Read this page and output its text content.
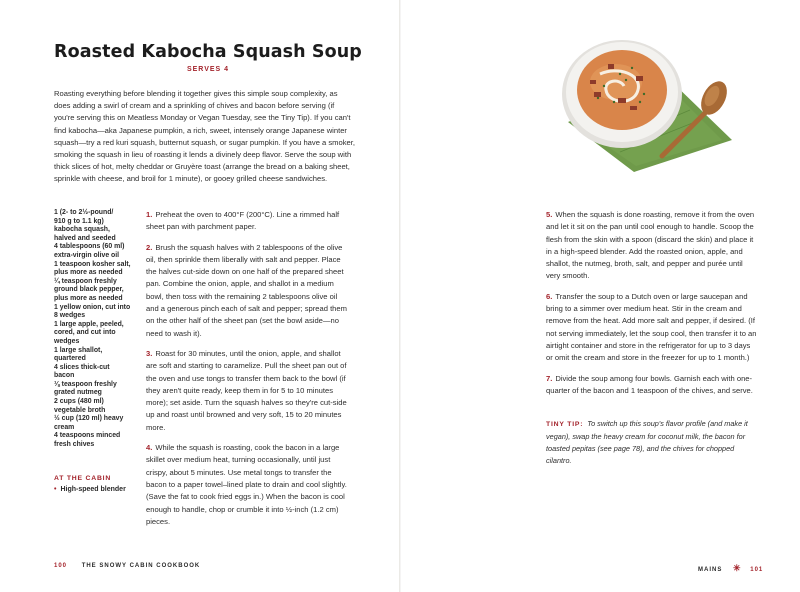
Roasted Kabocha Squash Soup
SERVES 4

Roasting everything before blending it together gives this simple soup complexity, as does adding a swirl of cream and a sprinkling of chives and bacon before serving (if you're serving this on Meatless Monday or Vegan Tuesday, see the Tiny Tip). If you can't find kabocha—aka Japanese pumpkin, a rich, sweet, intensely orange Japanese winter squash—try a red kuri squash, butternut squash, or sugar pumpkin. If you have a smoker, smoking the squash in lieu of roasting it lends a divinely deep flavor. Serve the soup with thick slices of hot, melty cheddar or Gruyère toast (arrange the bread on a baking sheet, sprinkle with cheese, and broil for 1 minute), or gooey grilled cheese sandwiches.

1 (2- to 2½-pound/
910 g to 1.1 kg)
kabocha squash,
halved and seeded
4 tablespoons (60 ml)
extra-virgin olive oil
1 teaspoon kosher salt,
plus more as needed
¼ teaspoon freshly
ground black pepper,
plus more as needed
1 yellow onion, cut into
8 wedges
1 large apple, peeled,
cored, and cut into
wedges
1 large shallot,
quartered
4 slices thick-cut
bacon
⅛ teaspoon freshly
grated nutmeg
2 cups (480 ml)
vegetable broth
½ cup (120 ml) heavy
cream
4 teaspoons minced
fresh chives
AT THE CABIN
• High-speed blender

1. Preheat the oven to 400°F (200°C). Line a rimmed half sheet pan with parchment paper.

2. Brush the squash halves with 2 tablespoons of the olive oil, then sprinkle them liberally with salt and pepper. Place the halves cut-side down on one half of the prepared sheet pan. Combine the onion, apple, and shallot in a medium bowl, then toss with the remaining 2 tablespoons olive oil and a generous pinch each of salt and pepper; spread them on the other half of the sheet pan (set the bowl aside—no need to wash it).

3. Roast for 30 minutes, until the onion, apple, and shallot are soft and starting to caramelize. Pull the sheet pan out of the oven and use tongs to transfer them back to the bowl (if they aren't quite ready, keep them in for 5 to 10 minutes more); set aside. Turn the squash halves so they're cut-side up and roast until browned and very soft, 15 to 20 minutes more.

4. While the squash is roasting, cook the bacon in a large skillet over medium heat, turning occasionally, until just crispy, about 5 minutes. Use metal tongs to transfer the bacon to a paper towel–lined plate to drain and cool slightly. (Save the fat to cook fried eggs in.) When the bacon is cool enough to handle, chop or crumble it into ½-inch (1.2 cm) pieces.

100 THE SNOWY CABIN COOKBOOK

5. When the squash is done roasting, remove it from the oven and let it sit on the pan until cool enough to handle. Scoop the flesh from the skin with a spoon (discard the skin) and place it in a high-speed blender. Add the roasted onion, apple, and shallot, the nutmeg, broth, salt, and pepper and purée until very smooth.

6. Transfer the soup to a Dutch oven or large saucepan and bring to a simmer over medium heat. Stir in the cream and remove from the heat. Add more salt and pepper, if desired. (If not serving immediately, let the soup cool, then transfer it to an airtight container and store in the refrigerator for up to 3 days or omit the cream and store in the freezer for up to 1 month.)

7. Divide the soup among four bowls. Garnish each with one-quarter of the bacon and 1 teaspoon of the chives, and serve.

TINY TIP: To switch up this soup's flavor profile (and make it vegan), swap the heavy cream for coconut milk, the bacon for toasted pepitas (see page 78), and the chives for chopped cilantro.

MAINS ✳ 101
